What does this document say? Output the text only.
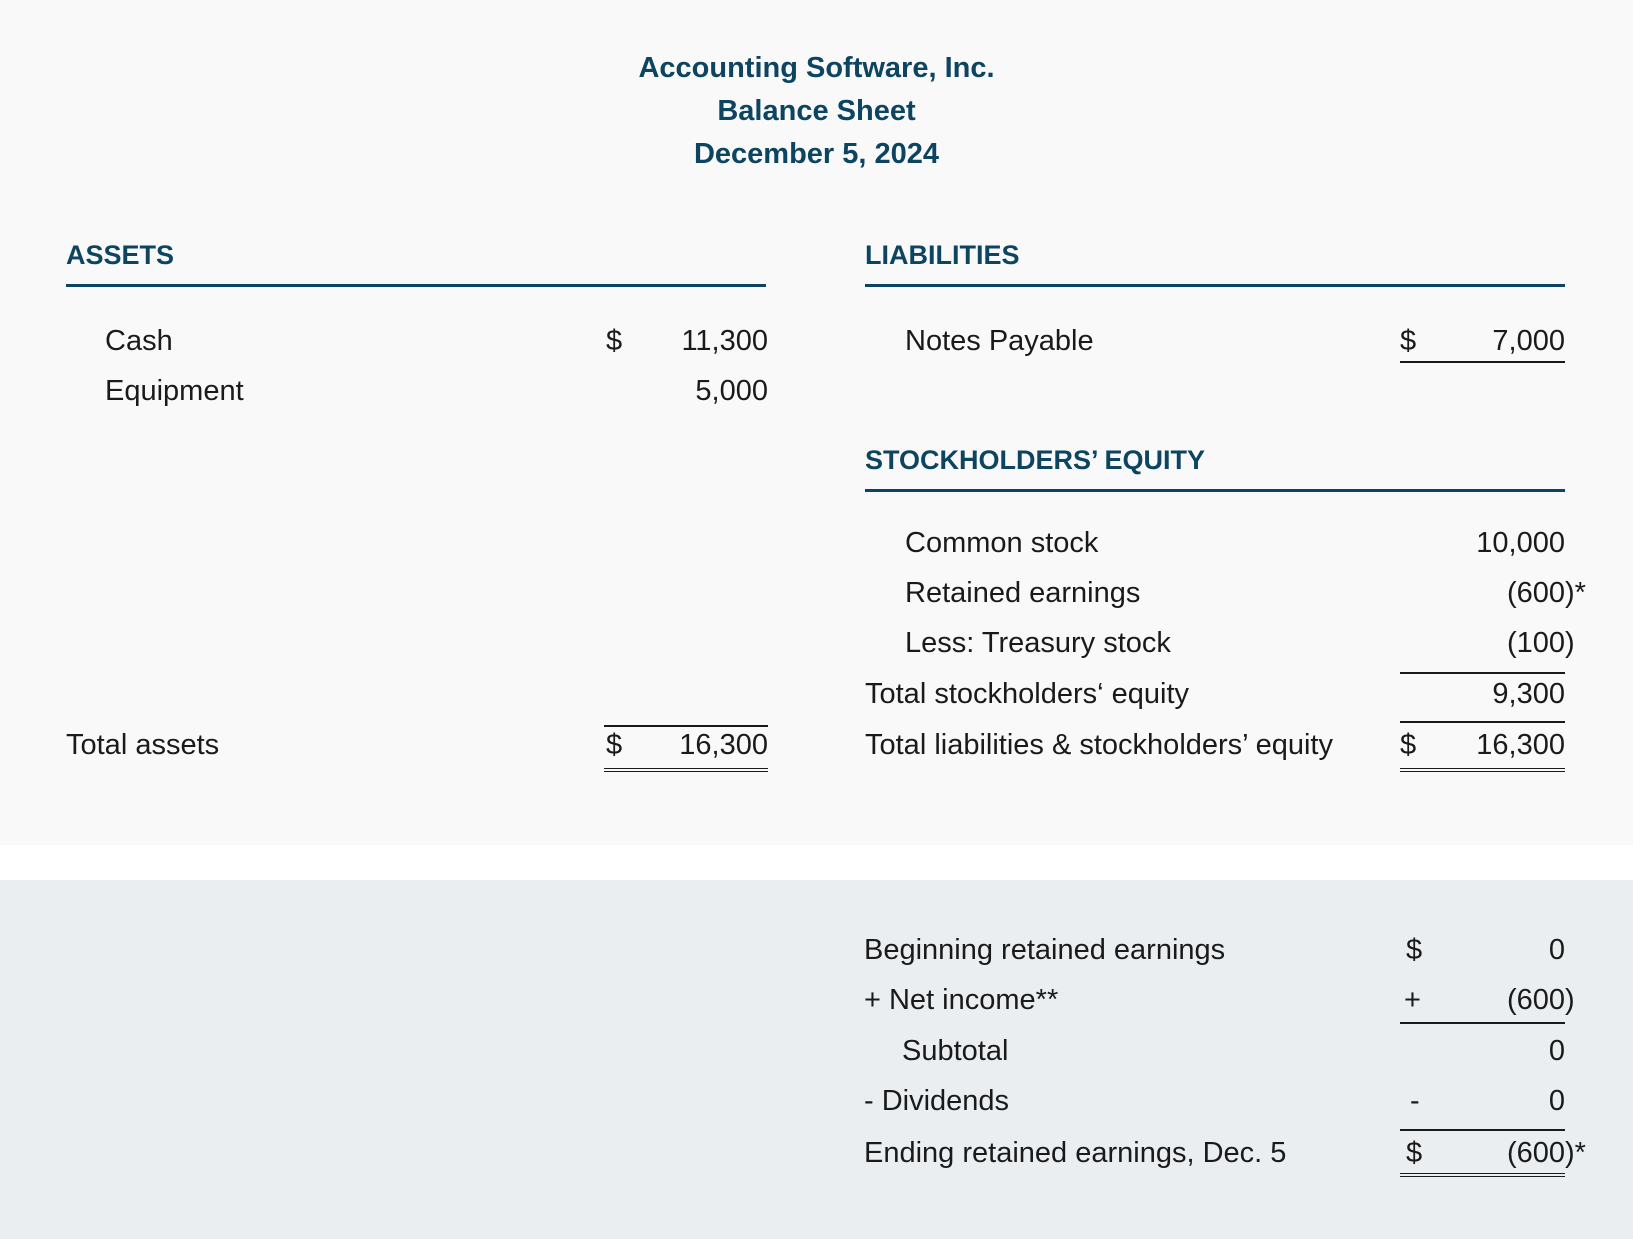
Accounting Software, Inc.
Balance Sheet
December 5, 2024
ASSETS
Cash	$	11,300
Equipment	5,000
Total assets	$	16,300
LIABILITIES
Notes Payable	$	7,000
STOCKHOLDERS’ EQUITY
Common stock	10,000
Retained earnings	(600 )*
Less: Treasury stock	(100 )
Total stockholders‘ equity	9,300
Total liabilities & stockholders’ equity $	16,300
Beginning retained earnings	$	0
+ Net income**	+	(600 )
Subtotal	0
- Dividends	-	0
Ending retained earnings, Dec. 5	$	(600 )*
